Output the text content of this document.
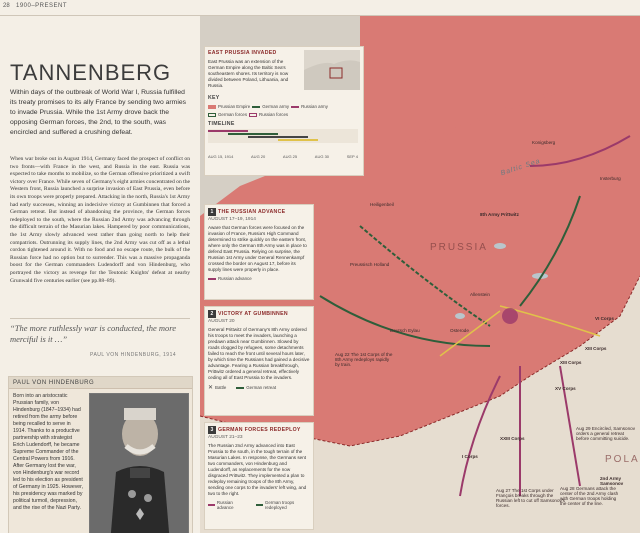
28 1900–PRESENT
TANNENBERG
Within days of the outbreak of World War I, Russia fulfilled its treaty promises to its ally France by sending two armies to invade Prussia. While the 1st Army drove back the opposing German forces, the 2nd, to the south, was encircled and suffered a crushing defeat.
When war broke out in August 1914, Germany faced the prospect of conflict on two fronts—with France in the west, and Russia in the east. Russia was expected to take months to mobilize, so the German offensive prioritized a swift victory over France. While seven of Germany's eight armies concentrated on the Western front, Russia launched a surprise invasion of East Prussia, even before its own troops were properly prepared. Attacking in the north, Russia's 1st Army had early successes, winning an indecisive victory at Gumbinnen that forced a German retreat. But instead of abandoning the province, the German forces redeployed to the south, where the Russian 2nd Army was advancing through the difficult terrain of the Masurian lakes. Hampered by poor communications, the 1st Army slowly advanced west rather than going north to help their compatriots. Outrunning its supply lines, the 2nd Army was cut off as a lethal cordon tightened around it. With no food and no escape route, the bulk of the Russian force had no option but to surrender. This was a massive propaganda boost for the German commanders Ludendorff and von Hindenburg, who portrayed the victory as revenge for the Teutonic Knights' defeat at nearby Grunwald five centuries earlier (see pp.88–89).
“The more ruthlessly war is conducted, the more merciful is it …”
PAUL VON HINDENBURG, 1914
PAUL VON HINDENBURG
Born into an aristocratic Prussian family, von Hindenburg (1847–1934) had retired from the army before being recalled to serve in 1914. Thanks to a productive partnership with strategist Erich Ludendorff, he became Supreme Commander of the Central Powers from 1916. After Germany lost the war, von Hindenburg's war record led to his election as president of Germany in 1925. However, his presidency was marked by political turmoil, depression, and the rise of the Nazi Party.
EAST PRUSSIA INVADED
East Prussia was an extension of the German Empire along the Baltic Sea's southeastern shores. Its territory is now divided between Poland, Lithuania, and Russia.
KEY
Prussian Empire	German army	Russian army
German forces	Russian forces
TIMELINE
AUG 15, 1914	AUG 20	AUG 25	AUG 30	SEP 4
1 THE RUSSIAN ADVANCE
AUGUST 17–19, 1914
Aware that German forces were focused on the invasion of France, Russia's High Command determined to strike quickly on the eastern front, where only the German 8th Army was in place to defend East Prussia. Relying on surprise, the Russian 1st Army under General Rennenkampf crossed the border on August 17, before its supply lines were properly in place.
Russian advance
2 VICTORY AT GUMBINNEN
AUGUST 20
General Prittwitz of Germany's 8th Army ordered his troops to meet the invaders, launching a predawn attack near Gumbinnen. Slowed by roads clogged by refugees, some detachments failed to reach the front until several hours later, by which time the Russians had gained a decisive advantage. Fearing a Russian breakthrough, Prittwitz ordered a general retreat, effectively ceding all of East Prussia to the invaders.
✕ Battle	German retreat
3 GERMAN FORCES REDEPLOY
AUGUST 21–23
The Russian 2nd Army advanced into East Prussia to the south, in the tough terrain of the Masurian Lakes. In response, the Germans sent two commanders, von Hindenburg and Ludendorff, as replacements for the now disgraced Prittwitz. They implemented a plan to redeploy remaining troops of the 8th Army, sending one corps to the invaders' left wing, and two to the right.
Russian advance
German troops redeployed
PRUSSIA
Baltic Sea
POLA
8th Army Prittwitz
Aug 22 The 1st Corps of the 8th Army redeploys rapidly by train.
Aug 27 The 1st Corps under François breaks through the Russian left to cut off Samsonov's forces.
Aug 29 Encircled, Samsonov orders a general retreat before committing suicide.
Aug 28 Germans attack the center of the 2nd Army clash with German troops holding the center of the line.
2nd Army Samsonov
XIII Corps
XV Corps
XXIII Corps
I Corps
VI Corps
XIII Corps
Konigsberg
Heiligenbeil
Preussisch Holland
Osterode
Allenstein
Deutsch Eylau
Insterburg
